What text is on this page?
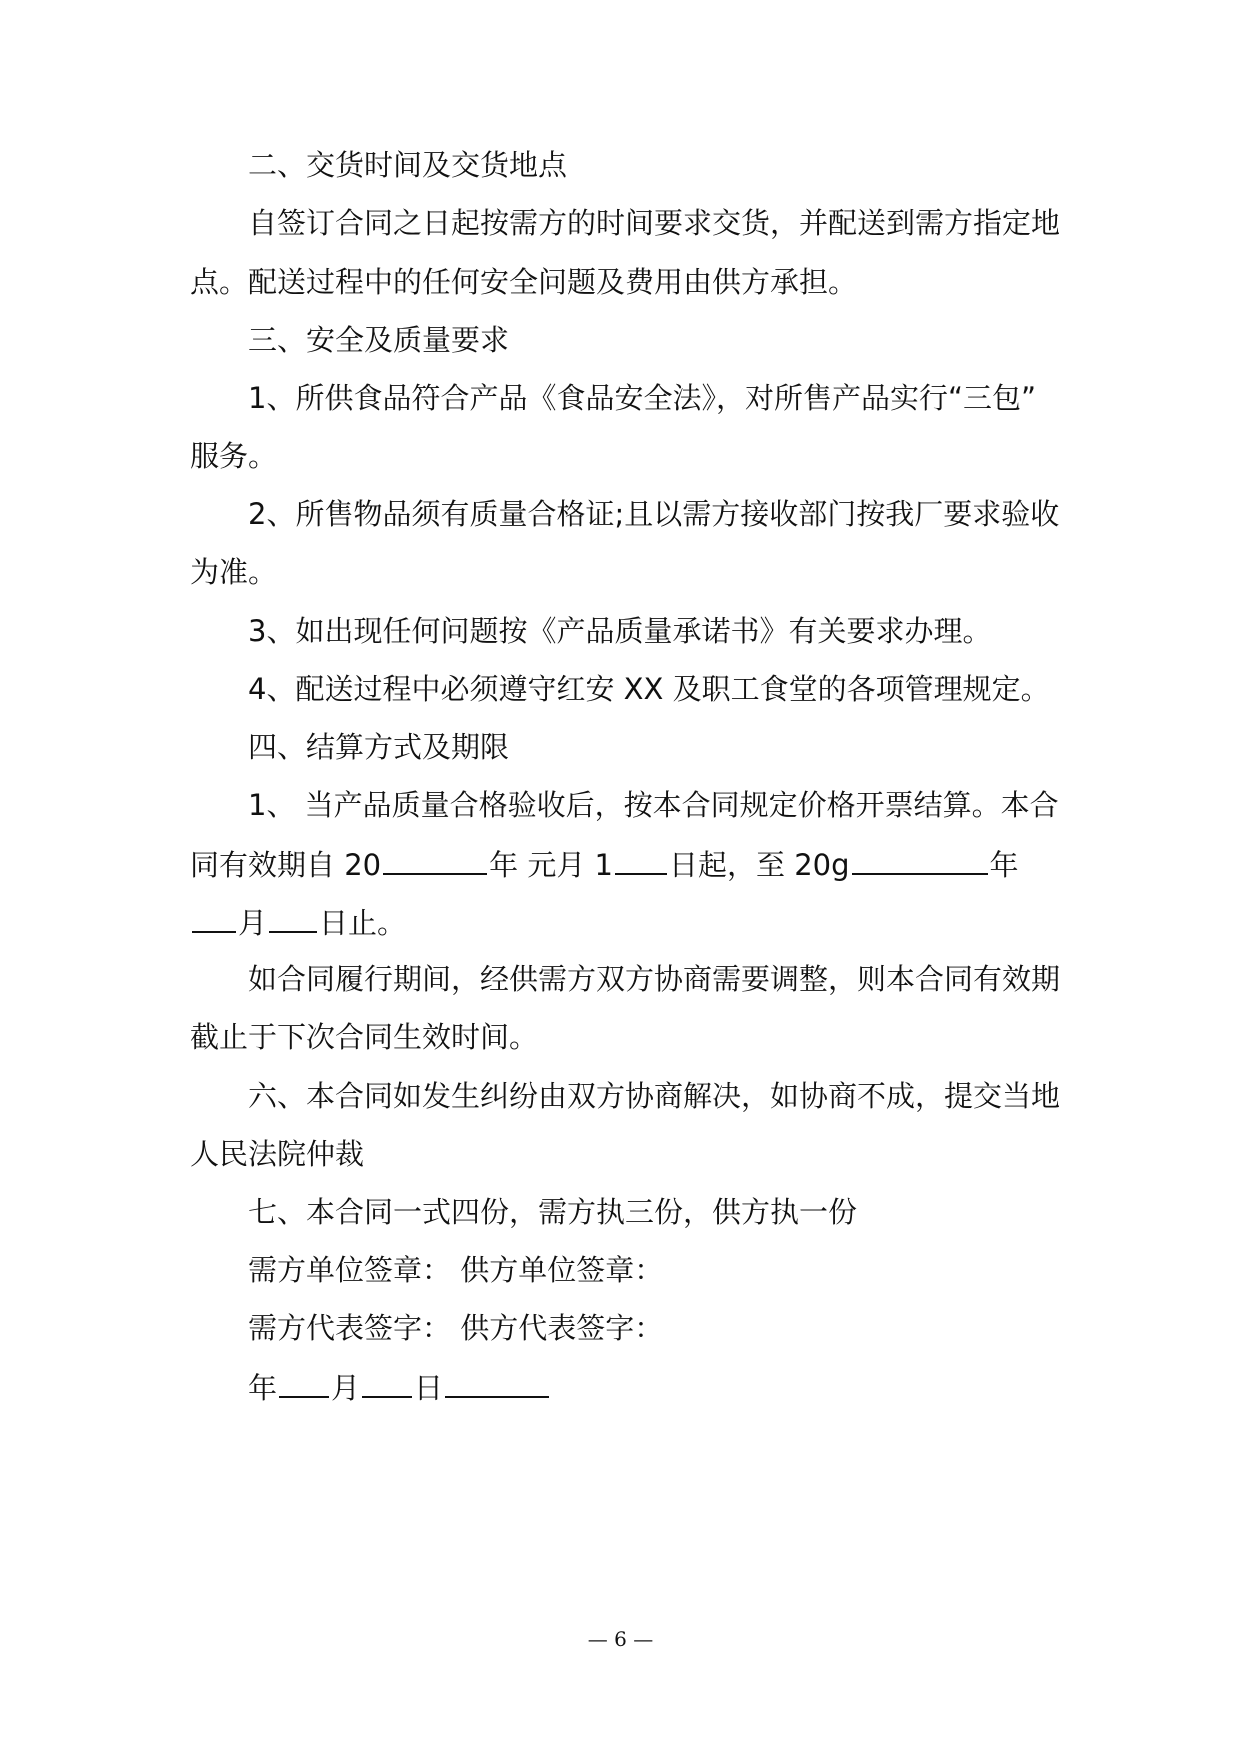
二、交货时间及交货地点
自签订合同之日起按需方的时间要求交货，并配送到需方指定地
点。配送过程中的任何安全问题及费用由供方承担。
三、安全及质量要求
1、所供食品符合产品《食品安全法》，对所售产品实行“三包”
服务。
2、所售物品须有质量合格证;且以需方接收部门按我厂要求验收
为准。
3、如出现任何问题按《产品质量承诺书》有关要求办理。
4、配送过程中必须遵守红安 XX 及职工食堂的各项管理规定。
四、结算方式及期限
1、 当产品质量合格验收后，按本合同规定价格开票结算。本合
同有效期自 20	年 元月 1 日起，至 20g	年
月 日止。
如合同履行期间，经供需方双方协商需要调整，则本合同有效期
截止于下次合同生效时间。
六、本合同如发生纠纷由双方协商解决，如协商不成，提交当地
人民法院仲裁
七、本合同一式四份，需方执三份，供方执一份
需方单位签章： 供方单位签章：
需方代表签字： 供方代表签字：
年 月 日
— 6 —
